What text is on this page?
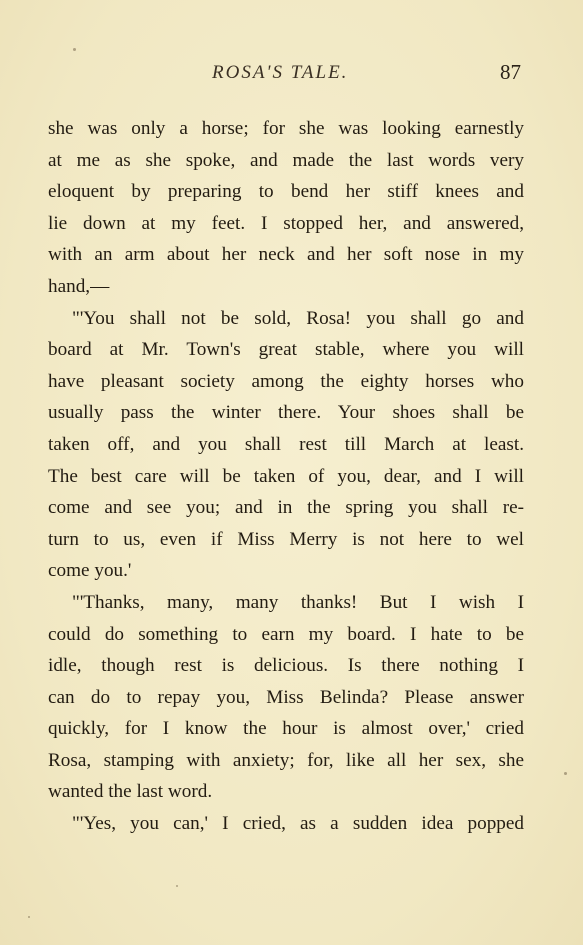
ROSA'S TALE.	87
she was only a horse; for she was looking earnestly
at me as she spoke, and made the last words very
eloquent by preparing to bend her stiff knees and
lie down at my feet. I stopped her, and answered,
with an arm about her neck and her soft nose in my
hand,—
"'You shall not be sold, Rosa! you shall go and
board at Mr. Town's great stable, where you will
have pleasant society among the eighty horses who
usually pass the winter there. Your shoes shall be
taken off, and you shall rest till March at least.
The best care will be taken of you, dear, and I will
come and see you; and in the spring you shall re-
turn to us, even if Miss Merry is not here to wel
come you.'
"'Thanks, many, many thanks! But I wish I
could do something to earn my board. I hate to be
idle, though rest is delicious. Is there nothing I
can do to repay you, Miss Belinda? Please answer
quickly, for I know the hour is almost over,' cried
Rosa, stamping with anxiety; for, like all her sex, she
wanted the last word.
"'Yes, you can,' I cried, as a sudden idea popped
